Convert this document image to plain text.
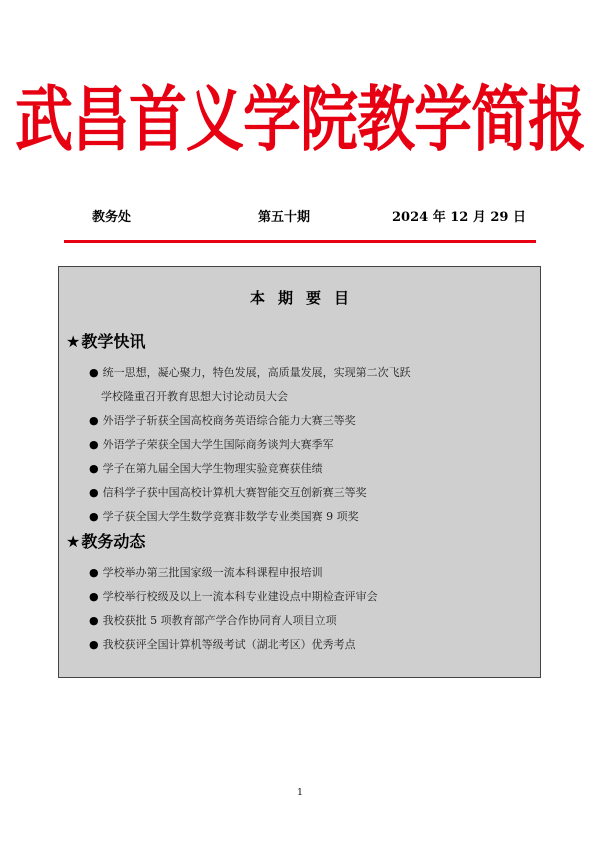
武昌首义学院教学简报
教务处	第五十期	2024 年 12 月 29 日
本期要目
★教学快讯
● 统一思想，凝心聚力，特色发展，高质量发展，实现第二次飞跃
学校隆重召开教育思想大讨论动员大会
● 外语学子斩获全国高校商务英语综合能力大赛三等奖
● 外语学子荣获全国大学生国际商务谈判大赛季军
● 学子在第九届全国大学生物理实验竞赛获佳绩
● 信科学子获中国高校计算机大赛智能交互创新赛三等奖
● 学子获全国大学生数学竞赛非数学专业类国赛 9 项奖
★教务动态
● 学校举办第三批国家级一流本科课程申报培训
● 学校举行校级及以上一流本科专业建设点中期检查评审会
● 我校获批 5 项教育部产学合作协同育人项目立项
● 我校获评全国计算机等级考试（湖北考区）优秀考点
1
